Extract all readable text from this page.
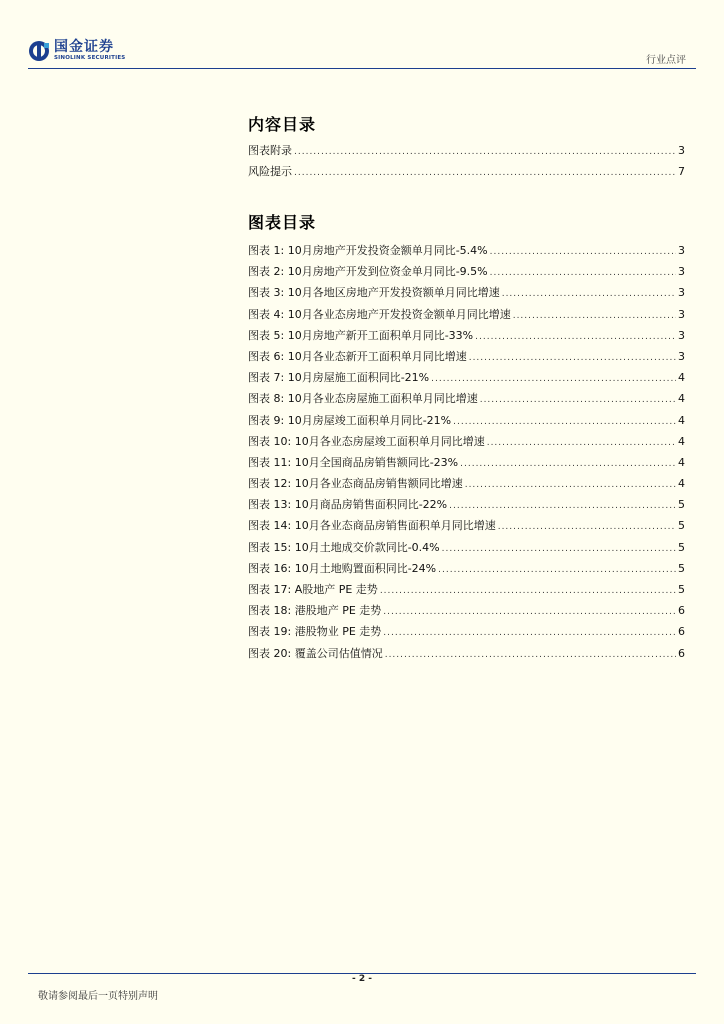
国金证券
SINOLINK SECURITIES	行业点评
内容目录
图表附录 .....	3
风险提示 .....	7
图表目录
图表 1: 10月房地产开发投资金额单月同比-5.4% .....	3
图表 2: 10月房地产开发到位资金单月同比-9.5% .....	3
图表 3: 10月各地区房地产开发投资额单月同比增速 .....	3
图表 4: 10月各业态房地产开发投资金额单月同比增速 .....	3
图表 5: 10月房地产新开工面积单月同比-33% .....	3
图表 6: 10月各业态新开工面积单月同比增速 .....	3
图表 7: 10月房屋施工面积同比-21% .....	4
图表 8: 10月各业态房屋施工面积单月同比增速 .....	4
图表 9: 10月房屋竣工面积单月同比-21% .....	4
图表 10: 10月各业态房屋竣工面积单月同比增速 .....	4
图表 11: 10月全国商品房销售额同比-23% .....	4
图表 12: 10月各业态商品房销售额同比增速 .....	4
图表 13: 10月商品房销售面积同比-22% .....	5
图表 14: 10月各业态商品房销售面积单月同比增速 .....	5
图表 15: 10月土地成交价款同比-0.4% .....	5
图表 16: 10月土地购置面积同比-24% .....	5
图表 17: A股地产 PE 走势 .....	5
图表 18: 港股地产 PE 走势 .....	6
图表 19: 港股物业 PE 走势 .....	6
图表 20: 覆盖公司估值情况 .....	6
- 2 -
敬请参阅最后一页特别声明
